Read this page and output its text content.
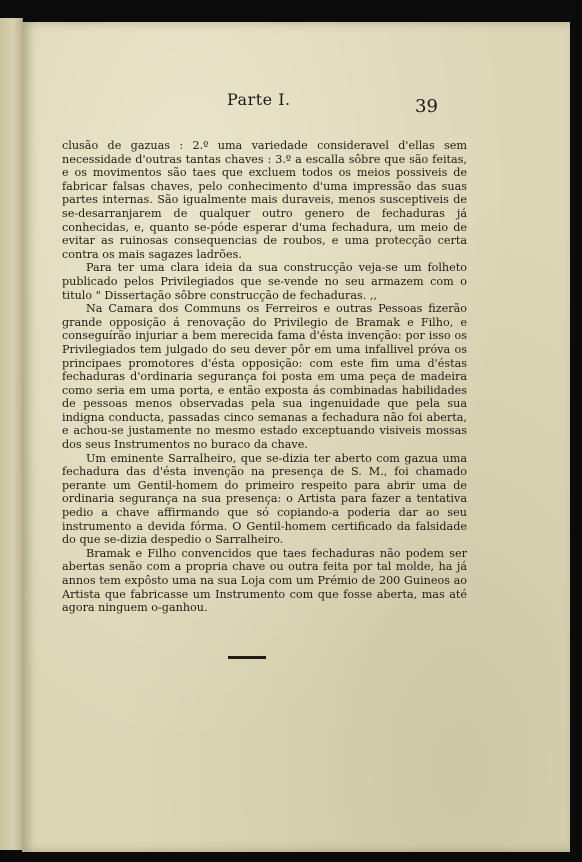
Parte I.	39

clusão de gazuas : 2.º uma variedade consideravel d'ellas sem necessidade d'outras tantas chaves : 3.º a escalla sôbre que são feitas, e os movimentos são taes que excluem todos os meios possiveis de fabricar falsas chaves, pelo conhecimento d'uma impressão das suas partes internas. São igualmente mais duraveis, menos susceptiveis de se-desarranjarem de qualquer outro genero de fechaduras já conhecidas, e, quanto se-póde esperar d'uma fechadura, um meio de evitar as ruinosas consequencias de roubos, e uma protecção certa contra os mais sagazes ladrões.

Para ter uma clara ideia da sua construcção veja-se um folheto publicado pelos Privilegiados que se-vende no seu armazem com o titulo " Dissertação sôbre construcção de fechaduras. ,,

Na Camara dos Communs os Ferreiros e outras Pessoas fizerão grande opposição á renovação do Privilegio de Bramak e Filho, e conseguírão injuriar a bem merecida fama d'ésta invenção: por isso os Privilegiados tem julgado do seu dever pôr em uma infallivel próva os principaes promotores d'ésta opposição: com este fim uma d'éstas fechaduras d'ordinaria segurança foi posta em uma peça de madeira como seria em uma porta, e então exposta ás combinadas habilidades de pessoas menos observadas pela sua ingenuidade que pela sua indigna conducta, passadas cinco semanas a fechadura não foi aberta, e achou-se justamente no mesmo estado exceptuando visiveis mossas dos seus Instrumentos no buraco da chave.

Um eminente Sarralheiro, que se-dizia ter aberto com gazua uma fechadura das d'ésta invenção na presença de S. M., foi chamado perante um Gentil-homem do primeiro respeito para abrir uma de ordinaria segurança na sua presença: o Artista para fazer a tentativa pedio a chave affirmando que só copiando-a poderia dar ao seu instrumento a devida fórma. O Gentil-homem certificado da falsidade do que se-dizia despedio o Sarralheiro.

Bramak e Filho convencidos que taes fechaduras não podem ser abertas senão com a propria chave ou outra feita por tal molde, ha já annos tem expôsto uma na sua Loja com um Prémio de 200 Guineos ao Artista que fabricasse um Instrumento com que fosse aberta, mas até agora ninguem o-ganhou.
